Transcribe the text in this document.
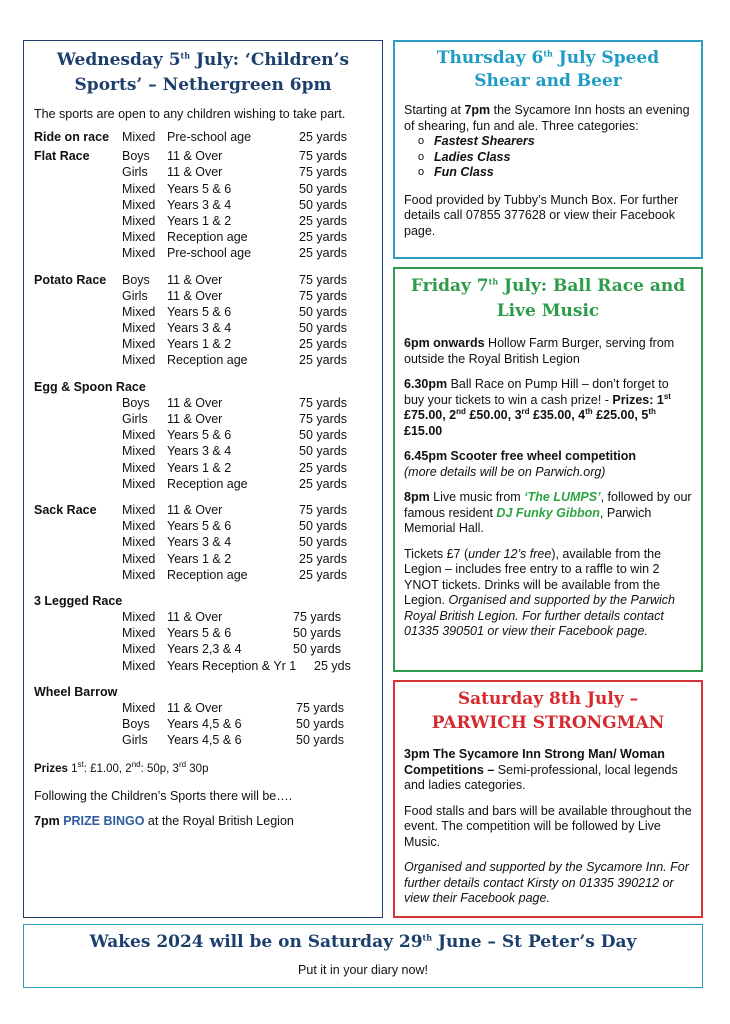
Wednesday 5th July: ‘Children’s
Sports’ – Nethergreen 6pm

The sports are open to any children wishing to take part.

Ride on race Mixed Pre-school age	25 yards
Flat Race	Boys 11 & Over	75 yards
Girls 11 & Over	75 yards
Mixed Years 5 & 6	50 yards
Mixed Years 3 & 4	50 yards
Mixed Years 1 & 2	25 yards
Mixed Reception age	25 yards
Mixed Pre-school age	25 yards
Potato Race Boys 11 & Over	75 yards
Girls 11 & Over	75 yards
Mixed Years 5 & 6	50 yards
Mixed Years 3 & 4	50 yards
Mixed Years 1 & 2	25 yards
Mixed Reception age	25 yards
Egg & Spoon Race
Boys 11 & Over	75 yards
Girls 11 & Over	75 yards
Mixed Years 5 & 6	50 yards
Mixed Years 3 & 4	50 yards
Mixed Years 1 & 2	25 yards
Mixed Reception age	25 yards
Sack Race Mixed 11 & Over	75 yards
Mixed Years 5 & 6	50 yards
Mixed Years 3 & 4	50 yards
Mixed Years 1 & 2	25 yards
Mixed Reception age	25 yards
3 Legged Race
Mixed 11 & Over	75 yards
Mixed Years 5 & 6	50 yards
Mixed Years 2,3 & 4	50 yards
Mixed Years Reception & Yr 1 25 yds
Wheel Barrow
Mixed 11 & Over	75 yards
Boys Years 4,5 & 6	50 yards
Girls Years 4,5 & 6	50 yards

Prizes 1st: £1.00, 2nd: 50p, 3rd 30p

Following the Children’s Sports there will be….

7pm PRIZE BINGO at the Royal British Legion

Thursday 6th July Speed
Shear and Beer

Starting at 7pm the Sycamore Inn hosts an evening of shearing, fun and ale. Three categories:

o Fastest Shearers
o Ladies Class
o Fun Class

Food provided by Tubby’s Munch Box. For further details call 07855 377628 or view their Facebook page.

Friday 7th July: Ball Race and
Live Music

6pm onwards Hollow Farm Burger, serving from outside the Royal British Legion

6.30pm Ball Race on Pump Hill – don’t forget to buy your tickets to win a cash prize! - Prizes: 1st £75.00, 2nd £50.00, 3rd £35.00, 4th £25.00, 5th £15.00

6.45pm Scooter free wheel competition
(more details will be on Parwich.org)

8pm Live music from ‘The LUMPS’, followed by our famous resident DJ Funky Gibbon, Parwich Memorial Hall.

Tickets £7 (under 12’s free), available from the Legion – includes free entry to a raffle to win 2 YNOT tickets. Drinks will be available from the Legion. Organised and supported by the Parwich Royal British Legion. For further details contact 01335 390501 or view their Facebook page.

Saturday 8th July –
PARWICH STRONGMAN

3pm The Sycamore Inn Strong Man/ Woman Competitions – Semi-professional, local legends and ladies categories.

Food stalls and bars will be available throughout the event. The competition will be followed by Live Music.

Organised and supported by the Sycamore Inn. For further details contact Kirsty on 01335 390212 or view their Facebook page.

Wakes 2024 will be on Saturday 29th June – St Peter’s Day

Put it in your diary now!
